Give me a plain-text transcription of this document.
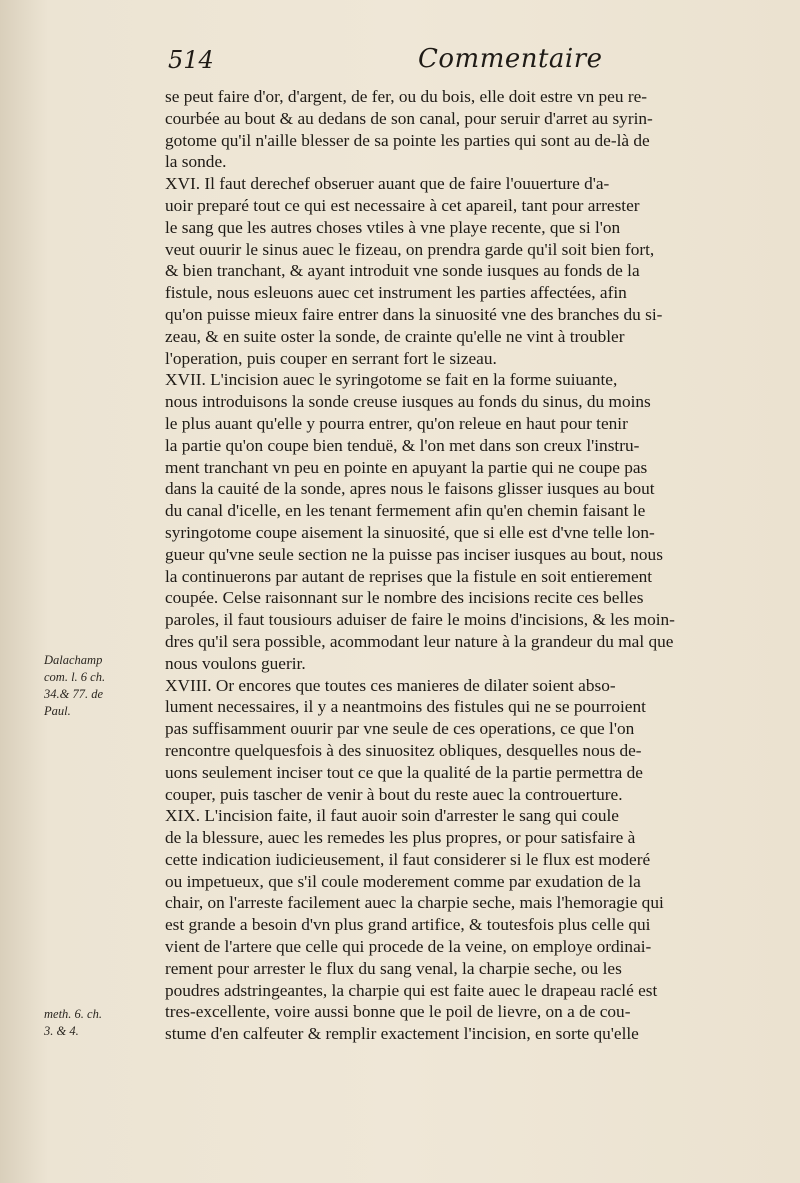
514	Commentaire
se peut faire d'or, d'argent, de fer, ou du bois, elle doit estre vn peu re-
courbée au bout & au dedans de son canal, pour seruir d'arret au syrin-
gotome qu'il n'aille blesser de sa pointe les parties qui sont au de-là de
la sonde.
XVI. Il faut derechef obseruer auant que de faire l'ouuerture d'a-
uoir preparé tout ce qui est necessaire à cet apareil, tant pour arrester
le sang que les autres choses vtiles à vne playe recente, que si l'on
veut ouurir le sinus auec le fizeau, on prendra garde qu'il soit bien fort,
& bien tranchant, & ayant introduit vne sonde iusques au fonds de la
fistule, nous esleuons auec cet instrument les parties affectées, afin
qu'on puisse mieux faire entrer dans la sinuosité vne des branches du si-
zeau, & en suite oster la sonde, de crainte qu'elle ne vint à troubler
l'operation, puis couper en serrant fort le sizeau.
XVII. L'incision auec le syringotome se fait en la forme suiuante,
nous introduisons la sonde creuse iusques au fonds du sinus, du moins
le plus auant qu'elle y pourra entrer, qu'on releue en haut pour tenir
la partie qu'on coupe bien tenduë, & l'on met dans son creux l'instru-
ment tranchant vn peu en pointe en apuyant la partie qui ne coupe pas
dans la cauité de la sonde, apres nous le faisons glisser iusques au bout
du canal d'icelle, en les tenant fermement afin qu'en chemin faisant le
syringotome coupe aisement la sinuosité, que si elle est d'vne telle lon-
gueur qu'vne seule section ne la puisse pas inciser iusques au bout, nous
la continuerons par autant de reprises que la fistule en soit entierement
coupée. Celse raisonnant sur le nombre des incisions recite ces belles
paroles, il faut tousiours aduiser de faire le moins d'incisions, & les moin-
dres qu'il sera possible, acommodant leur nature à la grandeur du mal que
nous voulons guerir.
XVIII. Or encores que toutes ces manieres de dilater soient abso-
lument necessaires, il y a neantmoins des fistules qui ne se pourroient
pas suffisamment ouurir par vne seule de ces operations, ce que l'on
rencontre quelquesfois à des sinuositez obliques, desquelles nous de-
uons seulement inciser tout ce que la qualité de la partie permettra de
couper, puis tascher de venir à bout du reste auec la controuerture.
XIX. L'incision faite, il faut auoir soin d'arrester le sang qui coule
de la blessure, auec les remedes les plus propres, or pour satisfaire à
cette indication iudicieusement, il faut considerer si le flux est moderé
ou impetueux, que s'il coule moderement comme par exudation de la
chair, on l'arreste facilement auec la charpie seche, mais l'hemoragie qui
est grande a besoin d'vn plus grand artifice, & toutesfois plus celle qui
vient de l'artere que celle qui procede de la veine, on employe ordinai-
rement pour arrester le flux du sang venal, la charpie seche, ou les
poudres adstringeantes, la charpie qui est faite auec le drapeau raclé est
tres-excellente, voire aussi bonne que le poil de lievre, on a de cou-
stume d'en calfeuter & remplir exactement l'incision, en sorte qu'elle
Dalachamp
com. l. 6 ch.
34.& 77. de
Paul.
meth. 6. ch.
3. & 4.
